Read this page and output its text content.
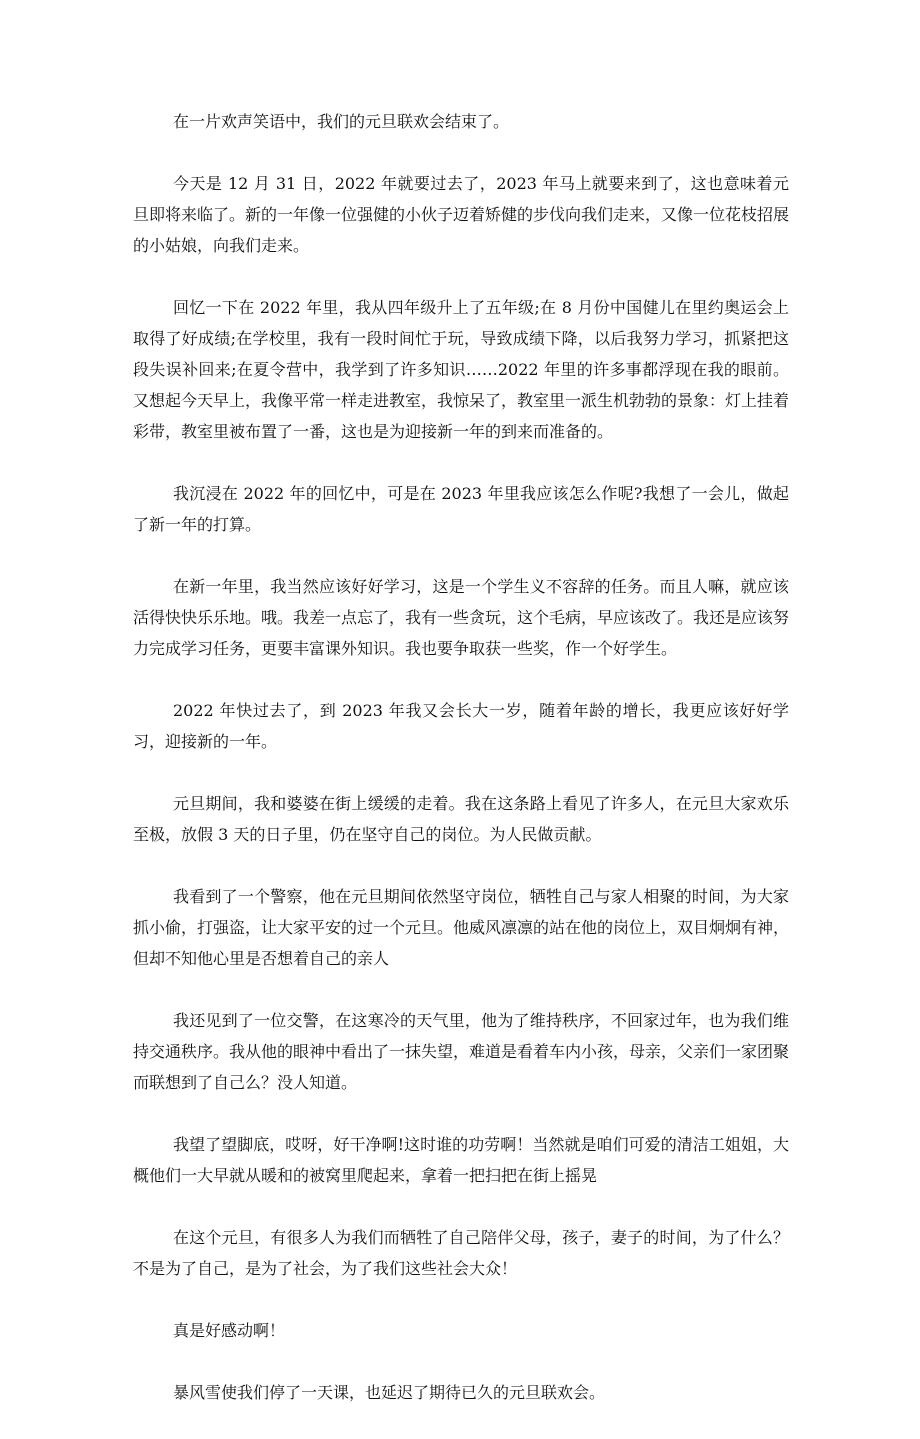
在一片欢声笑语中，我们的元旦联欢会结束了。

今天是 12 月 31 日，2022 年就要过去了，2023 年马上就要来到了，这也意味着元旦即将来临了。新的一年像一位强健的小伙子迈着矫健的步伐向我们走来，又像一位花枝招展的小姑娘，向我们走来。

回忆一下在 2022 年里，我从四年级升上了五年级;在 8 月份中国健儿在里约奥运会上取得了好成绩;在学校里，我有一段时间忙于玩，导致成绩下降，以后我努力学习，抓紧把这段失误补回来;在夏令营中，我学到了许多知识……2022 年里的许多事都浮现在我的眼前。又想起今天早上，我像平常一样走进教室，我惊呆了，教室里一派生机勃勃的景象：灯上挂着彩带，教室里被布置了一番，这也是为迎接新一年的到来而准备的。

我沉浸在 2022 年的回忆中，可是在 2023 年里我应该怎么作呢?我想了一会儿，做起了新一年的打算。

在新一年里，我当然应该好好学习，这是一个学生义不容辞的任务。而且人嘛，就应该活得快快乐乐地。哦。我差一点忘了，我有一些贪玩，这个毛病，早应该改了。我还是应该努力完成学习任务，更要丰富课外知识。我也要争取获一些奖，作一个好学生。

2022 年快过去了，到 2023 年我又会长大一岁，随着年龄的增长，我更应该好好学习，迎接新的一年。

元旦期间，我和婆婆在街上缓缓的走着。我在这条路上看见了许多人，在元旦大家欢乐至极，放假 3 天的日子里，仍在坚守自己的岗位。为人民做贡献。

我看到了一个警察，他在元旦期间依然坚守岗位，牺牲自己与家人相聚的时间，为大家抓小偷，打强盗，让大家平安的过一个元旦。他威风凛凛的站在他的岗位上，双目炯炯有神，但却不知他心里是否想着自己的亲人

我还见到了一位交警，在这寒冷的天气里，他为了维持秩序，不回家过年，也为我们维持交通秩序。我从他的眼神中看出了一抹失望，难道是看着车内小孩，母亲，父亲们一家团聚而联想到了自己么？没人知道。

我望了望脚底，哎呀，好干净啊!这时谁的功劳啊！当然就是咱们可爱的清洁工姐姐，大概他们一大早就从暖和的被窝里爬起来，拿着一把扫把在街上摇晃

在这个元旦，有很多人为我们而牺牲了自己陪伴父母，孩子，妻子的时间，为了什么？不是为了自己，是为了社会，为了我们这些社会大众！

真是好感动啊！

暴风雪使我们停了一天课，也延迟了期待已久的元旦联欢会。
